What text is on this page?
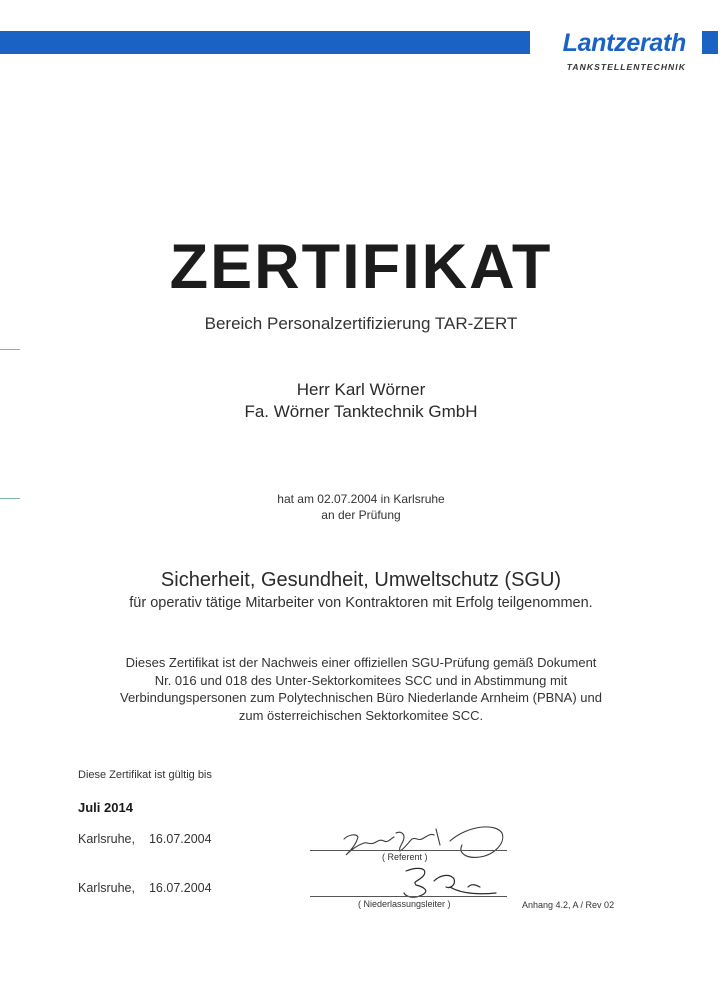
Lantzerath
TANKSTELLENTECHNIK
ZERTIFIKAT
Bereich Personalzertifizierung TAR-ZERT
Herr Karl Wörner
Fa. Wörner Tanktechnik GmbH
hat am 02.07.2004 in Karlsruhe
an der Prüfung
Sicherheit, Gesundheit, Umweltschutz (SGU)
für operativ tätige Mitarbeiter von Kontraktoren mit Erfolg teilgenommen.
Dieses Zertifikat ist der Nachweis einer offiziellen SGU-Prüfung gemäß Dokument
Nr. 016 und 018 des Unter-Sektorkomitees SCC und in Abstimmung mit
Verbindungspersonen zum Polytechnischen Büro Niederlande Arnheim (PBNA) und
zum österreichischen Sektorkomitee SCC.
Diese Zertifikat ist gültig bis
Juli 2014
Karlsruhe, 16.07.2004
Karlsruhe, 16.07.2004
( Referent )
( Niederlassungsleiter )	Anhang 4.2, A / Rev 02
